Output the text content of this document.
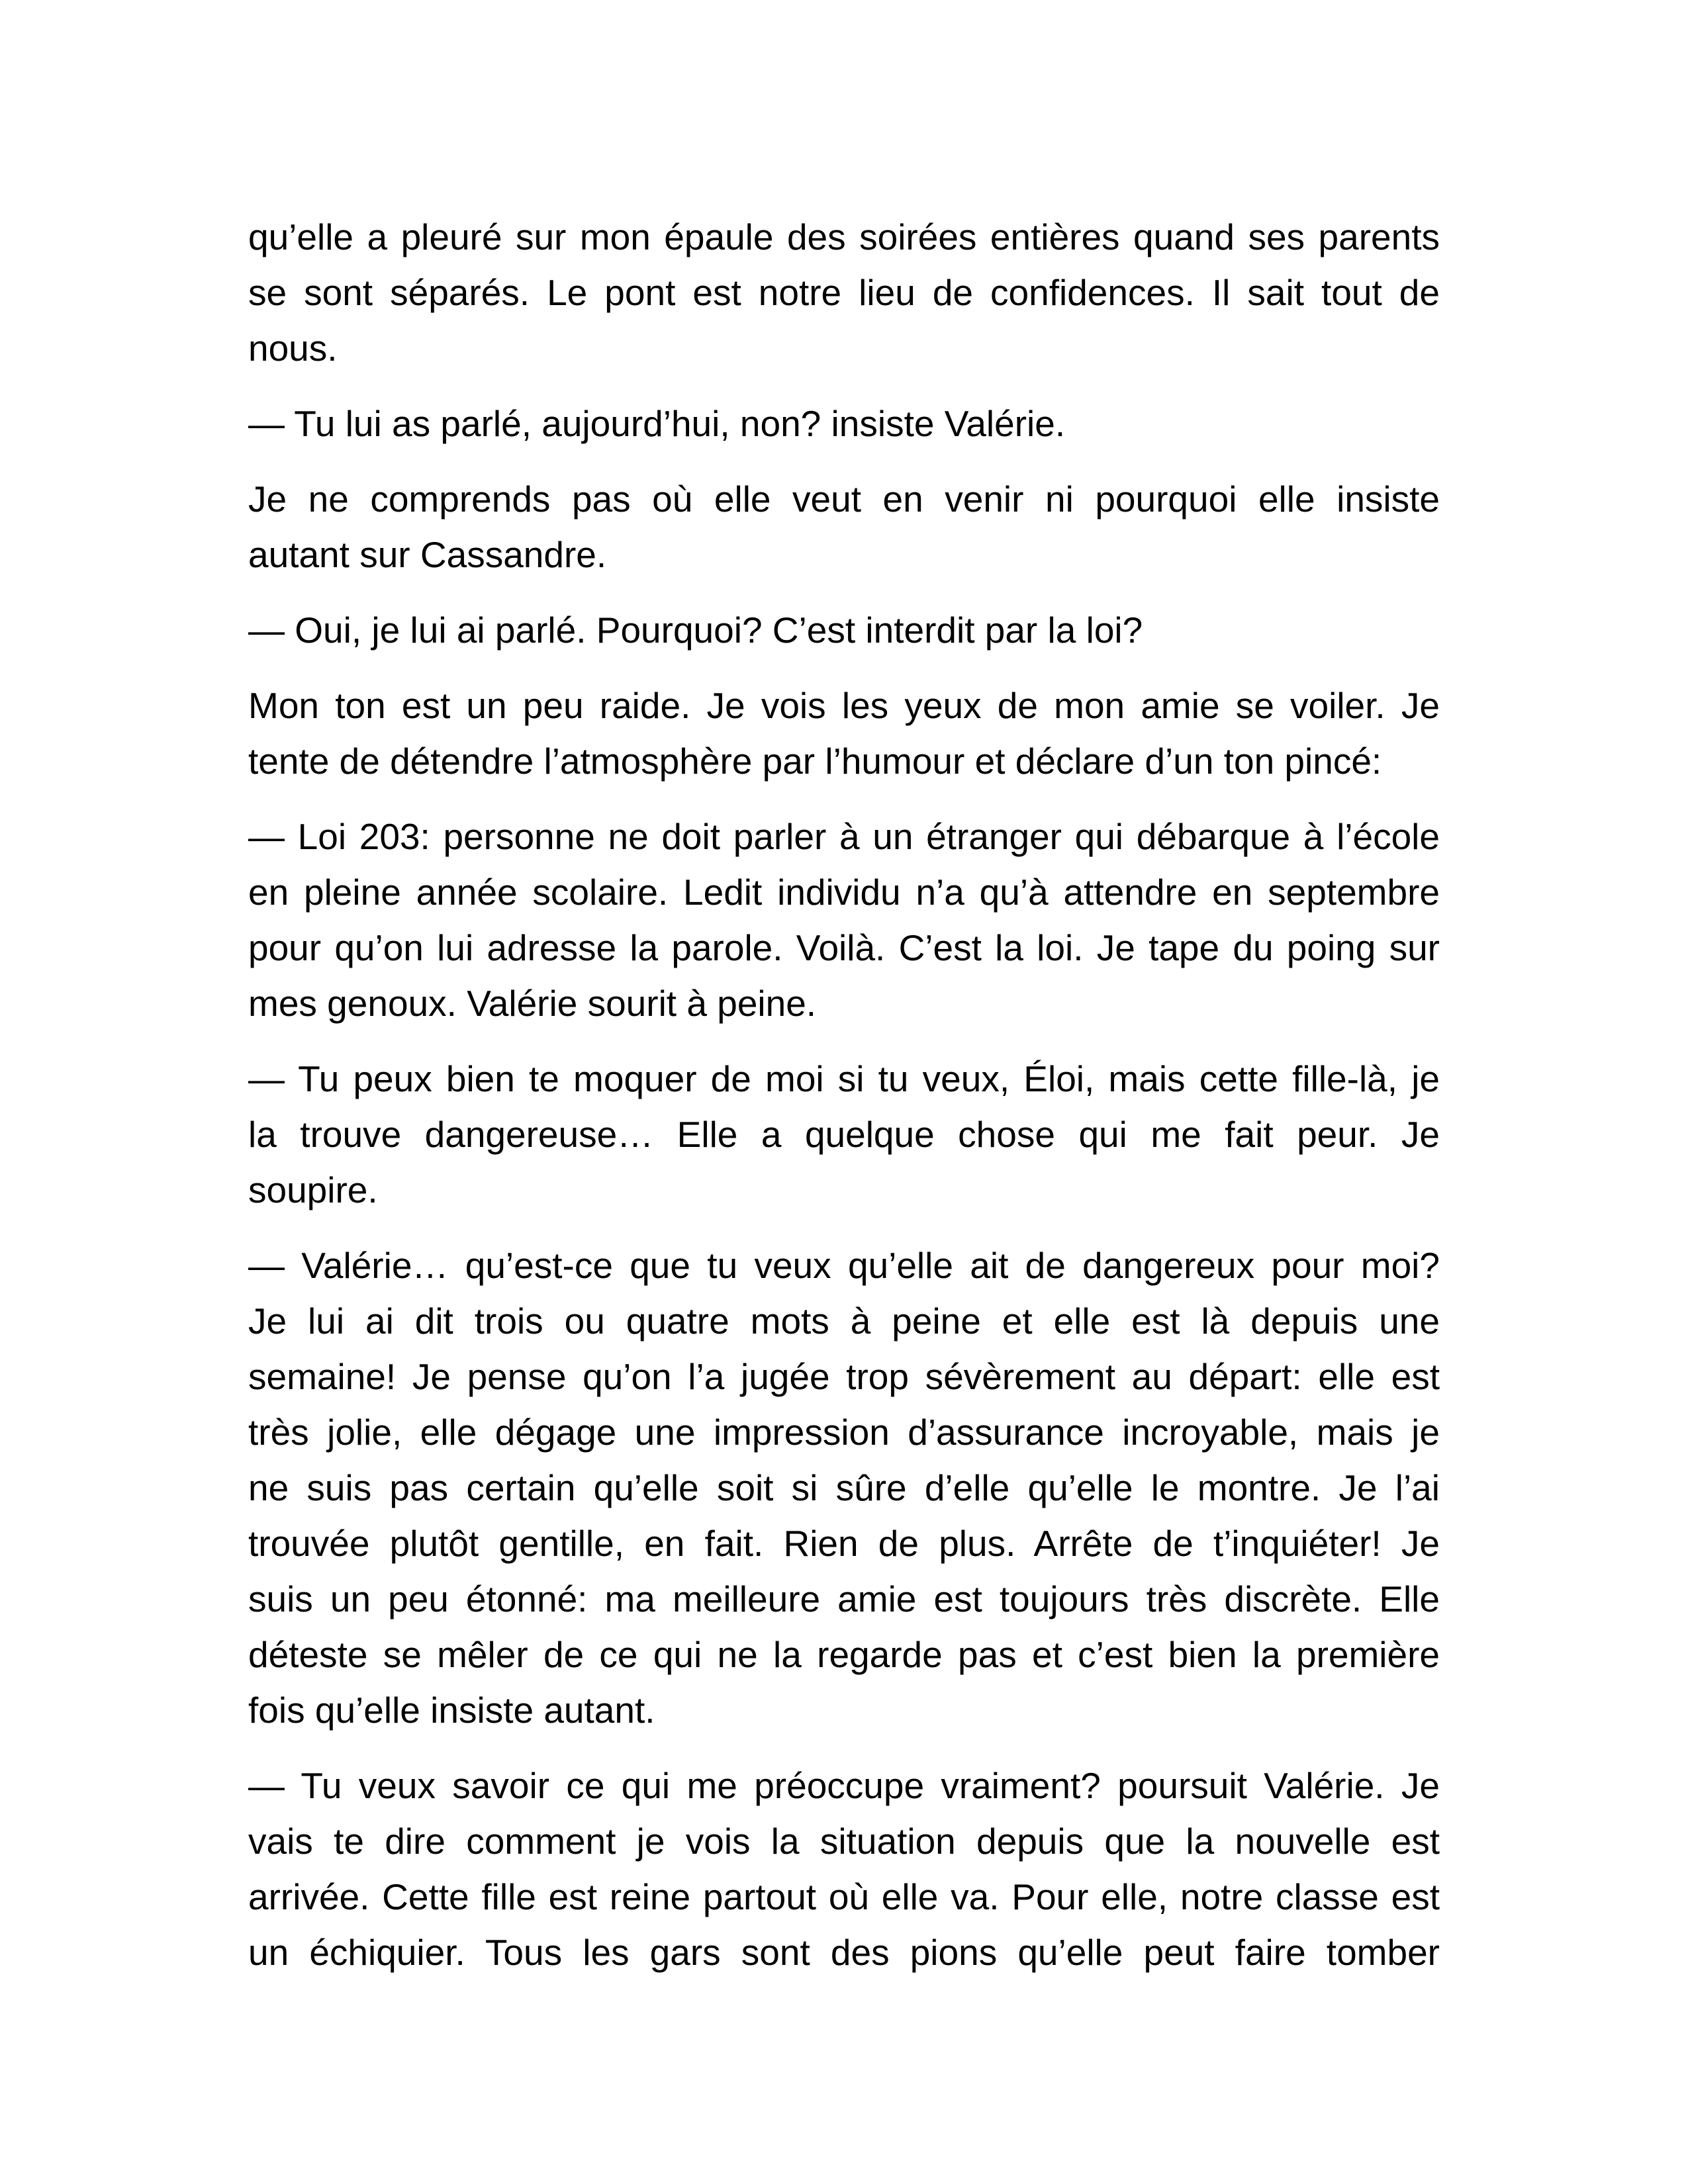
qu’elle a pleuré sur mon épaule des soirées entières quand ses parents
se sont séparés. Le pont est notre lieu de confidences. Il sait tout de
nous.
— Tu lui as parlé, aujourd’hui, non? insiste Valérie.
Je ne comprends pas où elle veut en venir ni pourquoi elle insiste
autant sur Cassandre.
— Oui, je lui ai parlé. Pourquoi? C’est interdit par la loi?
Mon ton est un peu raide. Je vois les yeux de mon amie se voiler. Je
tente de détendre l’atmosphère par l’humour et déclare d’un ton pincé:
— Loi 203: personne ne doit parler à un étranger qui débarque à l’école
en pleine année scolaire. Ledit individu n’a qu’à attendre en septembre
pour qu’on lui adresse la parole. Voilà. C’est la loi. Je tape du poing sur
mes genoux. Valérie sourit à peine.
— Tu peux bien te moquer de moi si tu veux, Éloi, mais cette fille-là, je
la trouve dangereuse… Elle a quelque chose qui me fait peur. Je
soupire.
— Valérie… qu’est-ce que tu veux qu’elle ait de dangereux pour moi?
Je lui ai dit trois ou quatre mots à peine et elle est là depuis une
semaine! Je pense qu’on l’a jugée trop sévèrement au départ: elle est
très jolie, elle dégage une impression d’assurance incroyable, mais je
ne suis pas certain qu’elle soit si sûre d’elle qu’elle le montre. Je l’ai
trouvée plutôt gentille, en fait. Rien de plus. Arrête de t’inquiéter! Je
suis un peu étonné: ma meilleure amie est toujours très discrète. Elle
déteste se mêler de ce qui ne la regarde pas et c’est bien la première
fois qu’elle insiste autant.
— Tu veux savoir ce qui me préoccupe vraiment? poursuit Valérie. Je
vais te dire comment je vois la situation depuis que la nouvelle est
arrivée. Cette fille est reine partout où elle va. Pour elle, notre classe est
un échiquier. Tous les gars sont des pions qu’elle peut faire tomber
